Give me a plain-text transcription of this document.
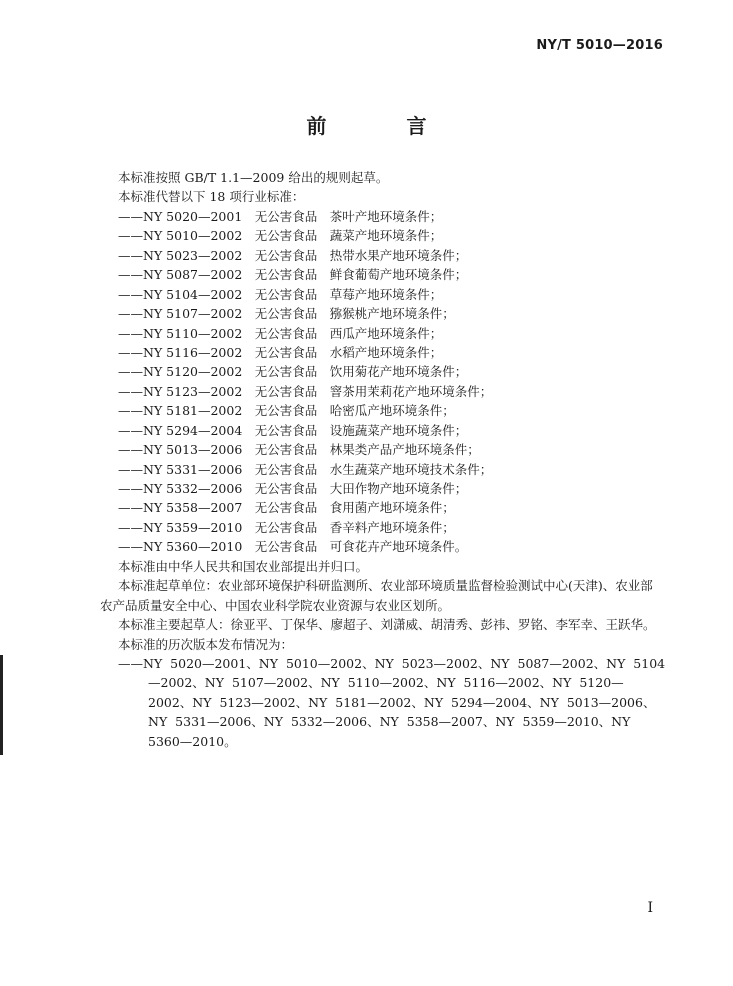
NY/T 5010—2016
前　言
本标准按照 GB/T 1.1—2009 给出的规则起草。
本标准代替以下 18 项行业标准：
——NY 5020—2001　无公害食品　茶叶产地环境条件；
——NY 5010—2002　无公害食品　蔬菜产地环境条件；
——NY 5023—2002　无公害食品　热带水果产地环境条件；
——NY 5087—2002　无公害食品　鲜食葡萄产地环境条件；
——NY 5104—2002　无公害食品　草莓产地环境条件；
——NY 5107—2002　无公害食品　猕猴桃产地环境条件；
——NY 5110—2002　无公害食品　西瓜产地环境条件；
——NY 5116—2002　无公害食品　水稻产地环境条件；
——NY 5120—2002　无公害食品　饮用菊花产地环境条件；
——NY 5123—2002　无公害食品　窨茶用茉莉花产地环境条件；
——NY 5181—2002　无公害食品　哈密瓜产地环境条件；
——NY 5294—2004　无公害食品　设施蔬菜产地环境条件；
——NY 5013—2006　无公害食品　林果类产品产地环境条件；
——NY 5331—2006　无公害食品　水生蔬菜产地环境技术条件；
——NY 5332—2006　无公害食品　大田作物产地环境条件；
——NY 5358—2007　无公害食品　食用菌产地环境条件；
——NY 5359—2010　无公害食品　香辛料产地环境条件；
——NY 5360—2010　无公害食品　可食花卉产地环境条件。
本标准由中华人民共和国农业部提出并归口。
本标准起草单位：农业部环境保护科研监测所、农业部环境质量监督检验测试中心(天津)、农业部
农产品质量安全中心、中国农业科学院农业资源与农业区划所。
本标准主要起草人：徐亚平、丁保华、廖超子、刘潇威、胡清秀、彭祎、罗铭、李军幸、王跃华。
本标准的历次版本发布情况为：
——NY 5020—2001、NY 5010—2002、NY 5023—2002、NY 5087—2002、NY 5104—2002、NY 5107—2002、NY 5110—2002、NY 5116—2002、NY 5120—2002、NY 5123—2002、NY 5181—2002、NY 5294—2004、NY 5013—2006、NY 5331—2006、NY 5332—2006、NY 5358—2007、NY 5359—2010、NY 5360—2010。
I
